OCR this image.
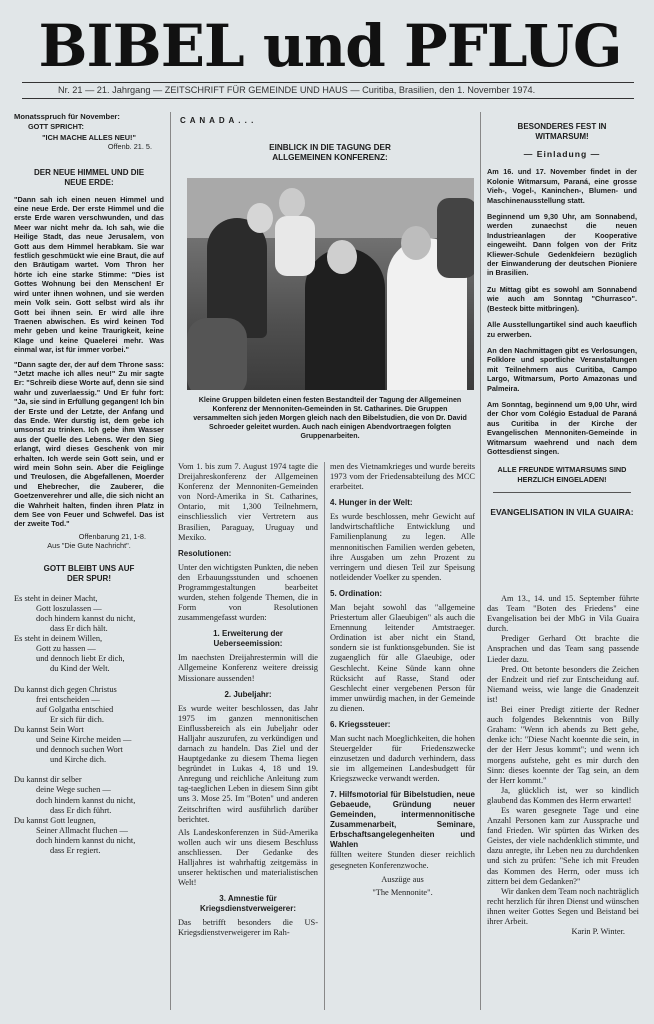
BIBEL und PFLUG
Nr. 21 — 21. Jahrgang — ZEITSCHRIFT FÜR GEMEINDE UND HAUS — Curitiba, Brasilien, den 1. November 1974.

Monatsspruch für November:

GOTT SPRICHT:

"ICH MACHE ALLES NEU!"

Offenb. 21. 5.

DER NEUE HIMMEL UND DIE NEUE ERDE:

"Dann sah ich einen neuen Himmel und eine neue Erde. Der erste Himmel und die erste Erde waren verschwunden, und das Meer war nicht mehr da. Ich sah, wie die Heilige Stadt, das neue Jerusalem, von Gott aus dem Himmel herabkam. Sie war festlich geschmückt wie eine Braut, die auf den Bräutigam wartet. Vom Thron her hörte ich eine starke Stimme: "Dies ist Gottes Wohnung bei den Menschen! Er wird unter ihnen wohnen, und sie werden mein Volk sein. Gott selbst wird als ihr Gott bei ihnen sein. Er wird alle ihre Traenen abwischen. Es wird keinen Tod mehr geben und keine Traurigkeit, keine Klage und keine Quaelerei mehr. Was einmal war, ist für immer vorbei."

"Dann sagte der, der auf dem Throne sass: "Jetzt mache ich alles neu!" Zu mir sagte Er: "Schreib diese Worte auf, denn sie sind wahr und zuverlaessig." Und Er fuhr fort: "Ja, sie sind in Erfüllung gegangen! Ich bin der Erste und der Letzte, der Anfang und das Ende. Wer durstig ist, dem gebe ich umsonst zu trinken. Ich gebe ihm Wasser aus der Quelle des Lebens. Wer den Sieg erlangt, wird dieses Geschenk von mir erhalten. Ich werde sein Gott sein, und er wird mein Sohn sein. Aber die Feiglinge und Treulosen, die Abgefallenen, Moerder und Ehebrecher, die Zauberer, die Goetzenverehrer und alle, die sich nicht an die Wahrheit halten, finden ihren Platz in dem See von Feuer und Schwefel. Das ist der zweite Tod."

Offenbarung 21, 1-8.

Aus "Die Gute Nachricht".

GOTT BLEIBT UNS AUF DER SPUR!

Es steht in deiner Macht,
Gott loszulassen —
doch hindern kannst du nicht,
dass Er dich hält.
Es steht in deinem Willen,
Gott zu hassen —
und dennoch liebt Er dich,
du Kind der Welt.

Du kannst dich gegen Christus
frei entscheiden —
auf Golgatha entschied
Er sich für dich.
Du kannst Sein Wort
und Seine Kirche meiden —
und dennoch suchen Wort
und Kirche dich.

Du kannst dir selber
deine Wege suchen —
doch hindern kannst du nicht,
dass Er dich führt.
Du kannst Gott leugnen,
Seiner Allmacht fluchen —
doch hindern kannst du nicht,
dass Er regiert.
C A N A D A . . .
EINBLICK IN DIE TAGUNG DER ALLGEMEINEN KONFERENZ:
Kleine Gruppen bildeten einen festen Bestandteil der Tagung der Allgemeinen Konferenz der Mennoniten-Gemeinden in St. Catharines. Die Gruppen versammelten sich jeden Morgen gleich nach den Bibelstudien, die von Dr. David Schroeder geleitet wurden. Auch nach einigen Abendvortraegen folgten Gruppenarbeiten.

Vom 1. bis zum 7. August 1974 tagte die Dreijahreskonferenz der Allgemeinen Konferenz der Mennoniten-Gemeinden von Nord-Amerika in St. Catharines, Ontario, mit 1,300 Teilnehmern, einschliesslich vier Vertretern aus Brasilien, Paraguay, Uruguay und Mexiko.

Resolutionen:

Unter den wichtigsten Punkten, die neben den Erbauungsstunden und schoenen Programmgestaltungen bearbeitet wurden, stehen folgende Themen, die in Form von Resolutionen zusammengefasst wurden:

1. Erweiterung der Ueberseemission:

Im naechsten Dreijahrestermin will die Allgemeine Konferenz weitere dreissig Missionare aussenden!

2. Jubeljahr:

Es wurde weiter beschlossen, das Jahr 1975 im ganzen mennonitischen Einflussbereich als ein Jubeljahr oder Halljahr auszurufen, zu verkündigen und darnach zu handeln. Das Ziel und der Hauptgedanke zu diesem Thema liegen begründet in Lukas 4, 18 und 19. Anregung und reichliche Anleitung zum tag-taeglichen Leben in diesem Sinn gibt uns 3. Mose 25. Im "Boten" und anderen Zeitschriften wird ausführlich darüber berichtet.

Als Landeskonferenzen in Süd-Amerika wollen auch wir uns diesem Beschluss anschliessen. Der Gedanke des Halljahres ist wahrhaftig zeitgemäss in unserer hektischen und materialistischen Welt!

3. Amnestie für Kriegsdienstverweigerer:

Das betrifft besonders die US-Kriegsdienstverweigerer im Rah-

men des Vietnamkrieges und wurde bereits 1973 vom der Friedensabteilung des MCC erarbeitet.

4. Hunger in der Welt:

Es wurde beschlossen, mehr Gewicht auf landwirtschaftliche Entwicklung und Familienplanung zu legen. Alle mennonitischen Familien werden gebeten, ihre Ausgaben um zehn Prozent zu verringern und diesen Teil zur Speisung notleidender Voelker zu spenden.

5. Ordination:

Man bejaht sowohl das "allgemeine Priestertum aller Glaeubigen" als auch die Ernennung leitender Amtstraeger. Ordination ist aber nicht ein Stand, sondern sie ist funktionsgebunden. Sie ist zugaenglich für alle Glaeubige, oder Geschlecht. Keine Sünde kann ohne Rücksicht auf Rasse, Stand oder Geschlecht einer vergebenen Person für immer unwürdig machen, in der Gemeinde zu dienen.

6. Kriegssteuer:

Man sucht nach Moeglichkeiten, die hohen Steuergelder für Friedenszwecke einzusetzen und dadurch verhindern, dass sie im allgemeinen Landesbudgett für Kriegszwecke verwandt werden.

7. Hilfsmotorial für Bibelstudien, neue Gebaeude, Gründung neuer Gemeinden, intermennonitische Zusammenarbeit, Seminare, Erbschaftsangelegenheiten und Wahlen

füllten weitere Stunden dieser reichlich gesegneten Konferenzwoche.

Auszüge aus

"The Mennonite".

BESONDERES FEST IN WITMARSUM!

— Einladung —

Am 16. und 17. November findet in der Kolonie Witmarsum, Paraná, eine grosse Vieh-, Vogel-, Kaninchen-, Blumen- und Maschinenausstellung statt.

Beginnend um 9,30 Uhr, am Sonnabend, werden zunaechst die neuen Industrieanlagen der Kooperative eingeweiht. Dann folgen von der Fritz Kliewer-Schule Gedenkfeiern bezüglich der Einwanderung der deutschen Pioniere in Brasilien.

Zu Mittag gibt es sowohl am Sonnabend wie auch am Sonntag "Churrasco". (Besteck bitte mitbringen).

Alle Ausstellungartikel sind auch kaeuflich zu erwerben.

An den Nachmittagen gibt es Verlosungen, Folklore und sportliche Veranstaltungen mit Teilnehmern aus Curitiba, Campo Largo, Witmarsum, Porto Amazonas und Palmeira.

Am Sonntag, beginnend um 9,00 Uhr, wird der Chor vom Colégio Estadual de Paraná aus Curitiba in der Kirche der Evangelischen Mennoniten-Gemeinde in Witmarsum waehrend und nach dem Gottesdienst singen.

ALLE FREUNDE WITMARSUMS SIND HERZLICH EINGELADEN!

EVANGELISATION IN VILA GUAIRA:

Am 13., 14. und 15. September führte das Team "Boten des Friedens" eine Evangelisation bei der MbG in Vila Guaira durch.

Prediger Gerhard Ott brachte die Ansprachen und das Team sang passende Lieder dazu.

Pred. Ott betonte besonders die Zeichen der Endzeit und rief zur Entscheidung auf. Niemand weiss, wie lange die Gnadenzeit ist!

Bei einer Predigt zitierte der Redner auch folgendes Bekenntnis von Billy Graham: "Wenn ich abends zu Bett gehe, denke ich: "Diese Nacht koennte die sein, in der der Herr Jesus kommt"; und wenn ich morgens aufstehe, geht es mir durch den Sinn: dieses koennte der Tag sein, an dem der Herr kommt."

Ja, glücklich ist, wer so kindlich glaubend das Kommen des Herrn erwartet!

Es waren gesegnete Tage und eine Anzahl Personen kam zur Aussprache und fand Frieden. Wir spürten das Wirken des Geistes, der viele nachdenklich stimmte, und dazu anregte, ihr Leben neu zu durchdenken und sich zu prüfen: "Sehe ich mit Freuden das Kommen des Herrn, oder muss ich zittern bei dem Gedanken?"

Wir danken dem Team noch nachträglich recht herzlich für ihren Dienst und wünschen ihnen weiter Gottes Segen und Beistand bei ihrer Arbeit.

Karin P. Winter.
